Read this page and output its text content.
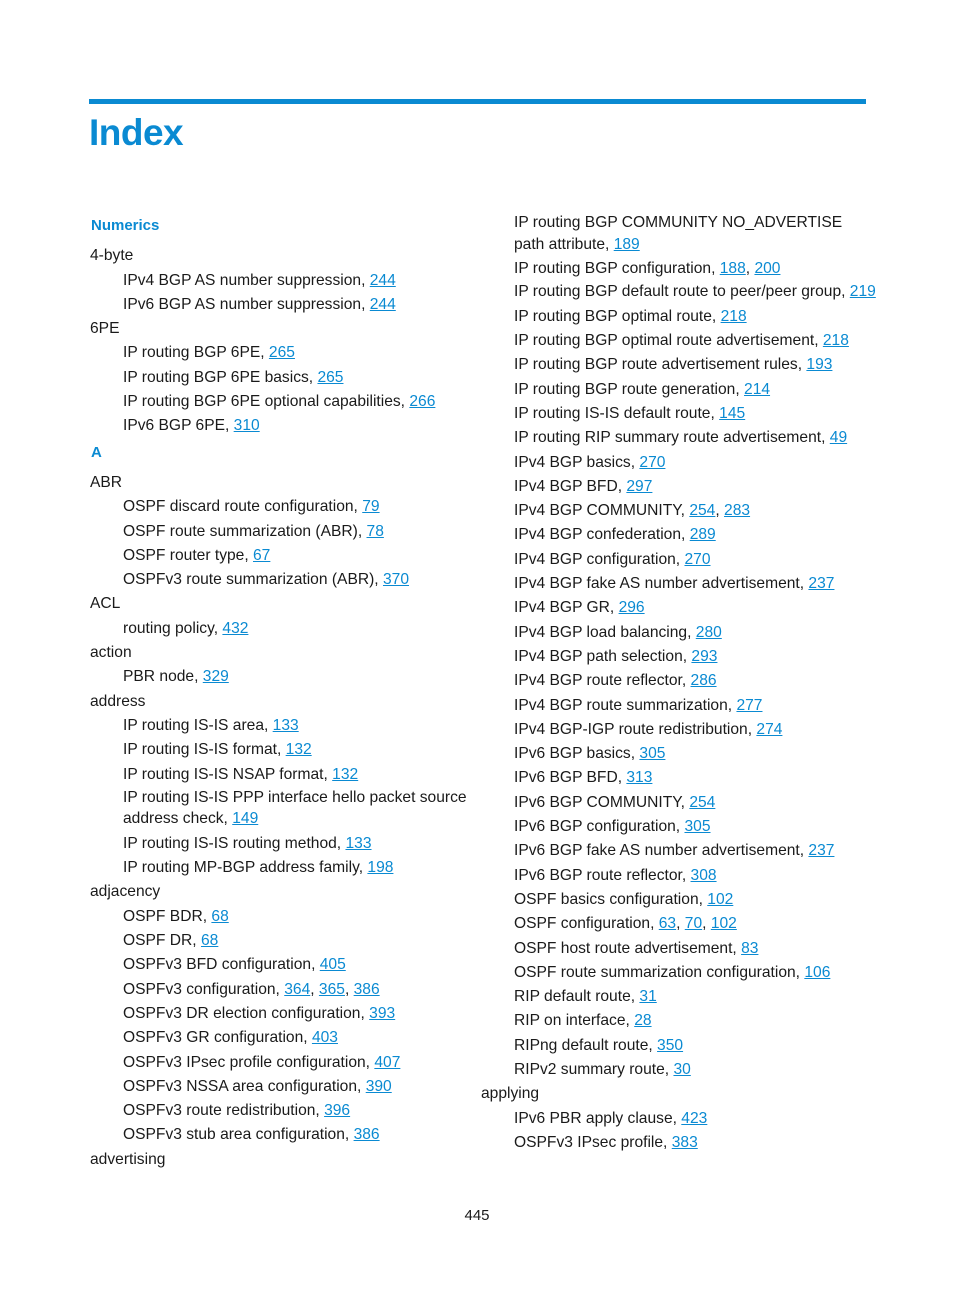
Index
Numerics
4-byte
IPv4 BGP AS number suppression, 244
IPv6 BGP AS number suppression, 244
6PE
IP routing BGP 6PE, 265
IP routing BGP 6PE basics, 265
IP routing BGP 6PE optional capabilities, 266
IPv6 BGP 6PE, 310
A
ABR
OSPF discard route configuration, 79
OSPF route summarization (ABR), 78
OSPF router type, 67
OSPFv3 route summarization (ABR), 370
ACL
routing policy, 432
action
PBR node, 329
address
IP routing IS-IS area, 133
IP routing IS-IS format, 132
IP routing IS-IS NSAP format, 132
IP routing IS-IS PPP interface hello packet source address check, 149
IP routing IS-IS routing method, 133
IP routing MP-BGP address family, 198
adjacency
OSPF BDR, 68
OSPF DR, 68
OSPFv3 BFD configuration, 405
OSPFv3 configuration, 364, 365, 386
OSPFv3 DR election configuration, 393
OSPFv3 GR configuration, 403
OSPFv3 IPsec profile configuration, 407
OSPFv3 NSSA area configuration, 390
OSPFv3 route redistribution, 396
OSPFv3 stub area configuration, 386
advertising
IP routing BGP COMMUNITY NO_ADVERTISE path attribute, 189
IP routing BGP configuration, 188, 200
IP routing BGP default route to peer/peer group, 219
IP routing BGP optimal route, 218
IP routing BGP optimal route advertisement, 218
IP routing BGP route advertisement rules, 193
IP routing BGP route generation, 214
IP routing IS-IS default route, 145
IP routing RIP summary route advertisement, 49
IPv4 BGP basics, 270
IPv4 BGP BFD, 297
IPv4 BGP COMMUNITY, 254, 283
IPv4 BGP confederation, 289
IPv4 BGP configuration, 270
IPv4 BGP fake AS number advertisement, 237
IPv4 BGP GR, 296
IPv4 BGP load balancing, 280
IPv4 BGP path selection, 293
IPv4 BGP route reflector, 286
IPv4 BGP route summarization, 277
IPv4 BGP-IGP route redistribution, 274
IPv6 BGP basics, 305
IPv6 BGP BFD, 313
IPv6 BGP COMMUNITY, 254
IPv6 BGP configuration, 305
IPv6 BGP fake AS number advertisement, 237
IPv6 BGP route reflector, 308
OSPF basics configuration, 102
OSPF configuration, 63, 70, 102
OSPF host route advertisement, 83
OSPF route summarization configuration, 106
RIP default route, 31
RIP on interface, 28
RIPng default route, 350
RIPv2 summary route, 30
applying
IPv6 PBR apply clause, 423
OSPFv3 IPsec profile, 383
445
